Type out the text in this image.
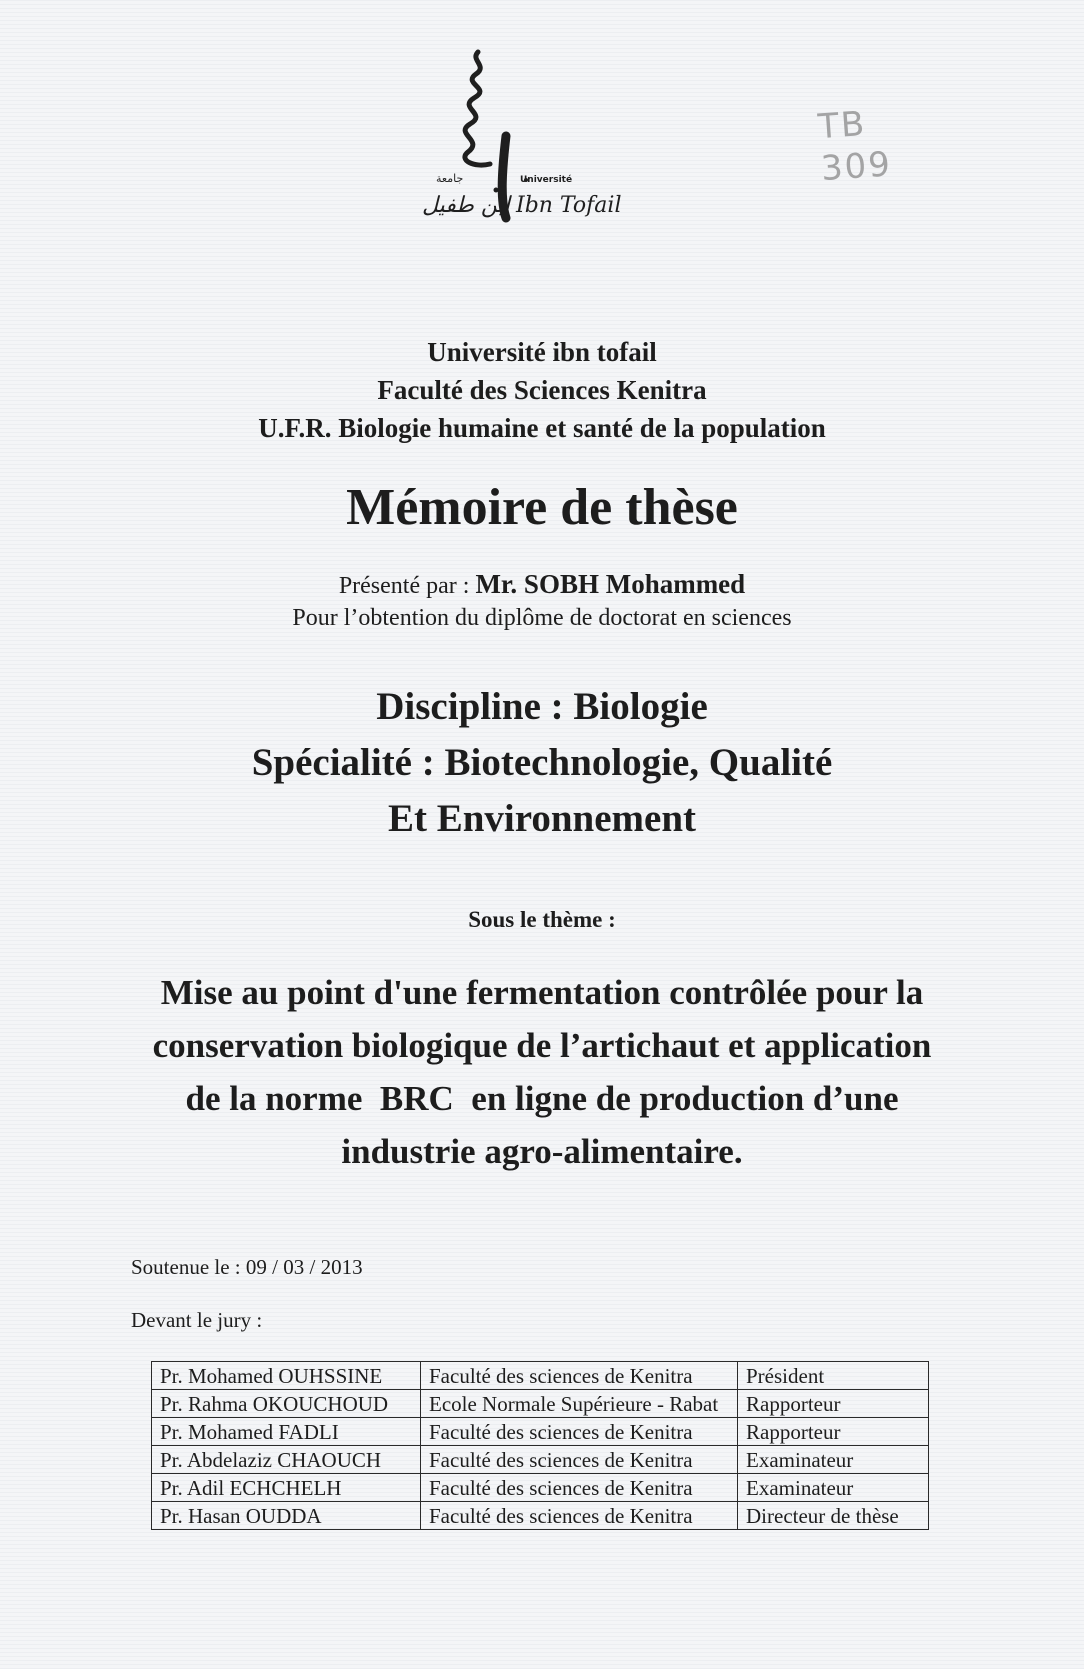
Université
جامعة
ابن طفيل Ibn Tofail
TB
309
Université ibn tofail
Faculté des Sciences Kenitra
U.F.R. Biologie humaine et santé de la population
Mémoire de thèse
Présenté par : Mr. SOBH Mohammed
Pour l’obtention du diplôme de doctorat en sciences
Discipline : Biologie
Spécialité : Biotechnologie, Qualité
Et Environnement
Sous le thème :
Mise au point d'une fermentation contrôlée pour la
conservation biologique de l’artichaut et application
de la norme  BRC  en ligne de production d’une
industrie agro-alimentaire.
Soutenue le : 09 / 03 / 2013
Devant le jury :
Pr. Mohamed OUHSSINE	Faculté des sciences de Kenitra	Président
Pr. Rahma OKOUCHOUD	Ecole Normale Supérieure - Rabat	Rapporteur
Pr. Mohamed FADLI	Faculté des sciences de Kenitra	Rapporteur
Pr. Abdelaziz CHAOUCH	Faculté des sciences de Kenitra	Examinateur
Pr. Adil ECHCHELH	Faculté des sciences de Kenitra	Examinateur
Pr. Hasan OUDDA	Faculté des sciences de Kenitra	Directeur de thèse
